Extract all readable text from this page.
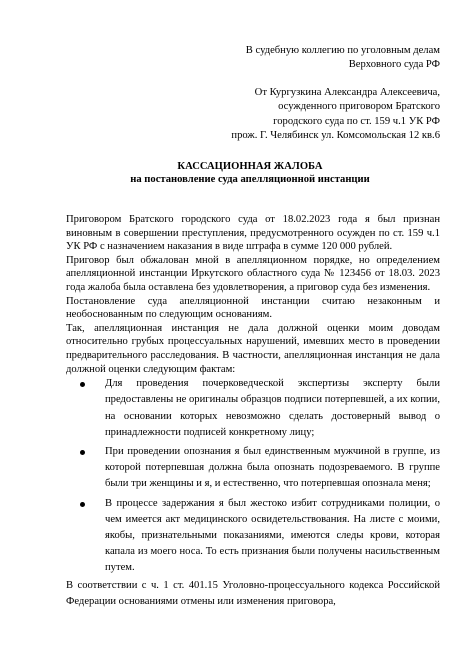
В судебную коллегию по уголовным делам
Верховного суда РФ
От Кургузкина Александра Алексеевича,
осужденного приговором Братского
городского суда по ст. 159 ч.1 УК РФ
прож. Г. Челябинск ул. Комсомольская 12 кв.6
КАССАЦИОННАЯ ЖАЛОБА
на постановление суда апелляционной инстанции

Приговором Братского городского суда от 18.02.2023 года я был признан виновным в совершении преступления, предусмотренного осужден по ст. 159 ч.1 УК РФ с назначением наказания в виде штрафа в сумме 120 000 рублей.

Приговор был обжалован мной в апелляционном порядке, но определением апелляционной инстанции Иркутского областного суда № 123456 от 18.03. 2023 года жалоба была оставлена без удовлетворения, а приговор суда без изменения.

Постановление суда апелляционной инстанции считаю незаконным и необоснованным по следующим основаниям.

Так, апелляционная инстанция не дала должной оценки моим доводам относительно грубых процессуальных нарушений, имевших место в проведении предварительного расследования. В частности, апелляционная инстанция не дала должной оценки следующим фактам:

Для проведения почерковедческой экспертизы эксперту были предоставлены не оригиналы образцов подписи потерпевшей, а их копии, на основании которых невозможно сделать достоверный вывод о принадлежности подписей конкретному лицу;
При проведении опознания я был единственным мужчиной в группе, из которой потерпевшая должна была опознать подозреваемого. В группе были три женщины и я, и естественно, что потерпевшая опознала меня;
В процессе задержания я был жестоко избит сотрудниками полиции, о чем имеется акт медицинского освидетельствования. На листе с моими, якобы, признательными показаниями, имеются следы крови, которая капала из моего носа. То есть признания были получены насильственным путем.

В соответствии с ч. 1 ст. 401.15 Уголовно-процессуального кодекса Российской Федерации основаниями отмены или изменения приговора,
